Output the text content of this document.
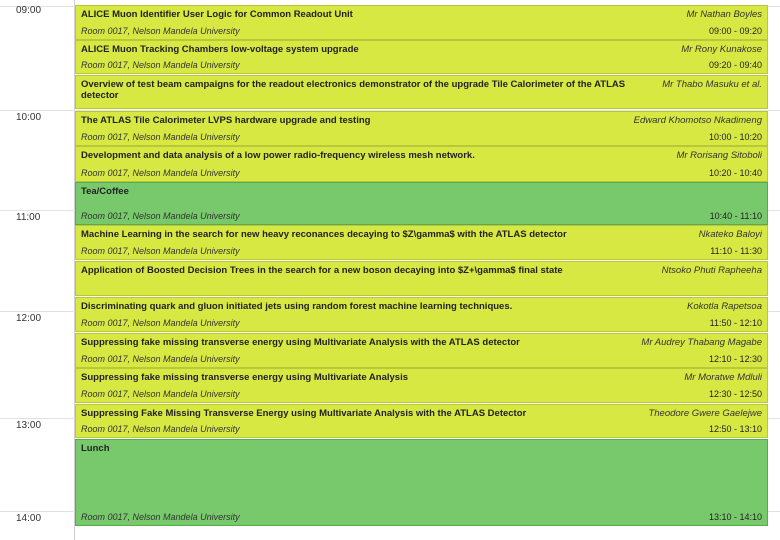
09:00
10:00
11:00
12:00
13:00
14:00
ALICE Muon Identifier User Logic for Common Readout Unit	Mr Nathan Boyles
Room 0017, Nelson Mandela University	09:00 - 09:20
ALICE Muon Tracking Chambers low-voltage system upgrade	Mr Rony Kunakose
Room 0017, Nelson Mandela University	09:20 - 09:40
Overview of test beam campaigns for the readout electronics demonstrator of the upgrade Tile Calorimeter of the ATLAS detector
Mr Thabo Masuku et al.
The ATLAS Tile Calorimeter LVPS hardware upgrade and testing	Edward Khomotso Nkadimeng
Room 0017, Nelson Mandela University	10:00 - 10:20
Development and data analysis of a low power radio-frequency wireless mesh network.	Mr Rorisang Sitoboli
Room 0017, Nelson Mandela University	10:20 - 10:40
Tea/Coffee
Room 0017, Nelson Mandela University	10:40 - 11:10
Machine Learning in the search for new heavy reconances decaying to $Z\gamma$ with the ATLAS detector	Nkateko Baloyi
Room 0017, Nelson Mandela University	11:10 - 11:30
Application of Boosted Decision Trees in the search for a new boson decaying into $Z+\gamma$ final state	Ntsoko Phuti Rapheeha
Discriminating quark and gluon initiated jets using random forest machine learning techniques.	Kokotla Rapetsoa
Room 0017, Nelson Mandela University	11:50 - 12:10
Suppressing fake missing transverse energy using Multivariate Analysis with the ATLAS detector	Mr Audrey Thabang Magabe
Room 0017, Nelson Mandela University	12:10 - 12:30
Suppressing fake missing transverse energy using Multivariate Analysis	Mr Moratwe Mdluli
Room 0017, Nelson Mandela University	12:30 - 12:50
Suppressing Fake Missing Transverse Energy using Multivariate Analysis with the ATLAS Detector	Theodore Gwere Gaelejwe
Room 0017, Nelson Mandela University	12:50 - 13:10
Lunch
Room 0017, Nelson Mandela University	13:10 - 14:10
